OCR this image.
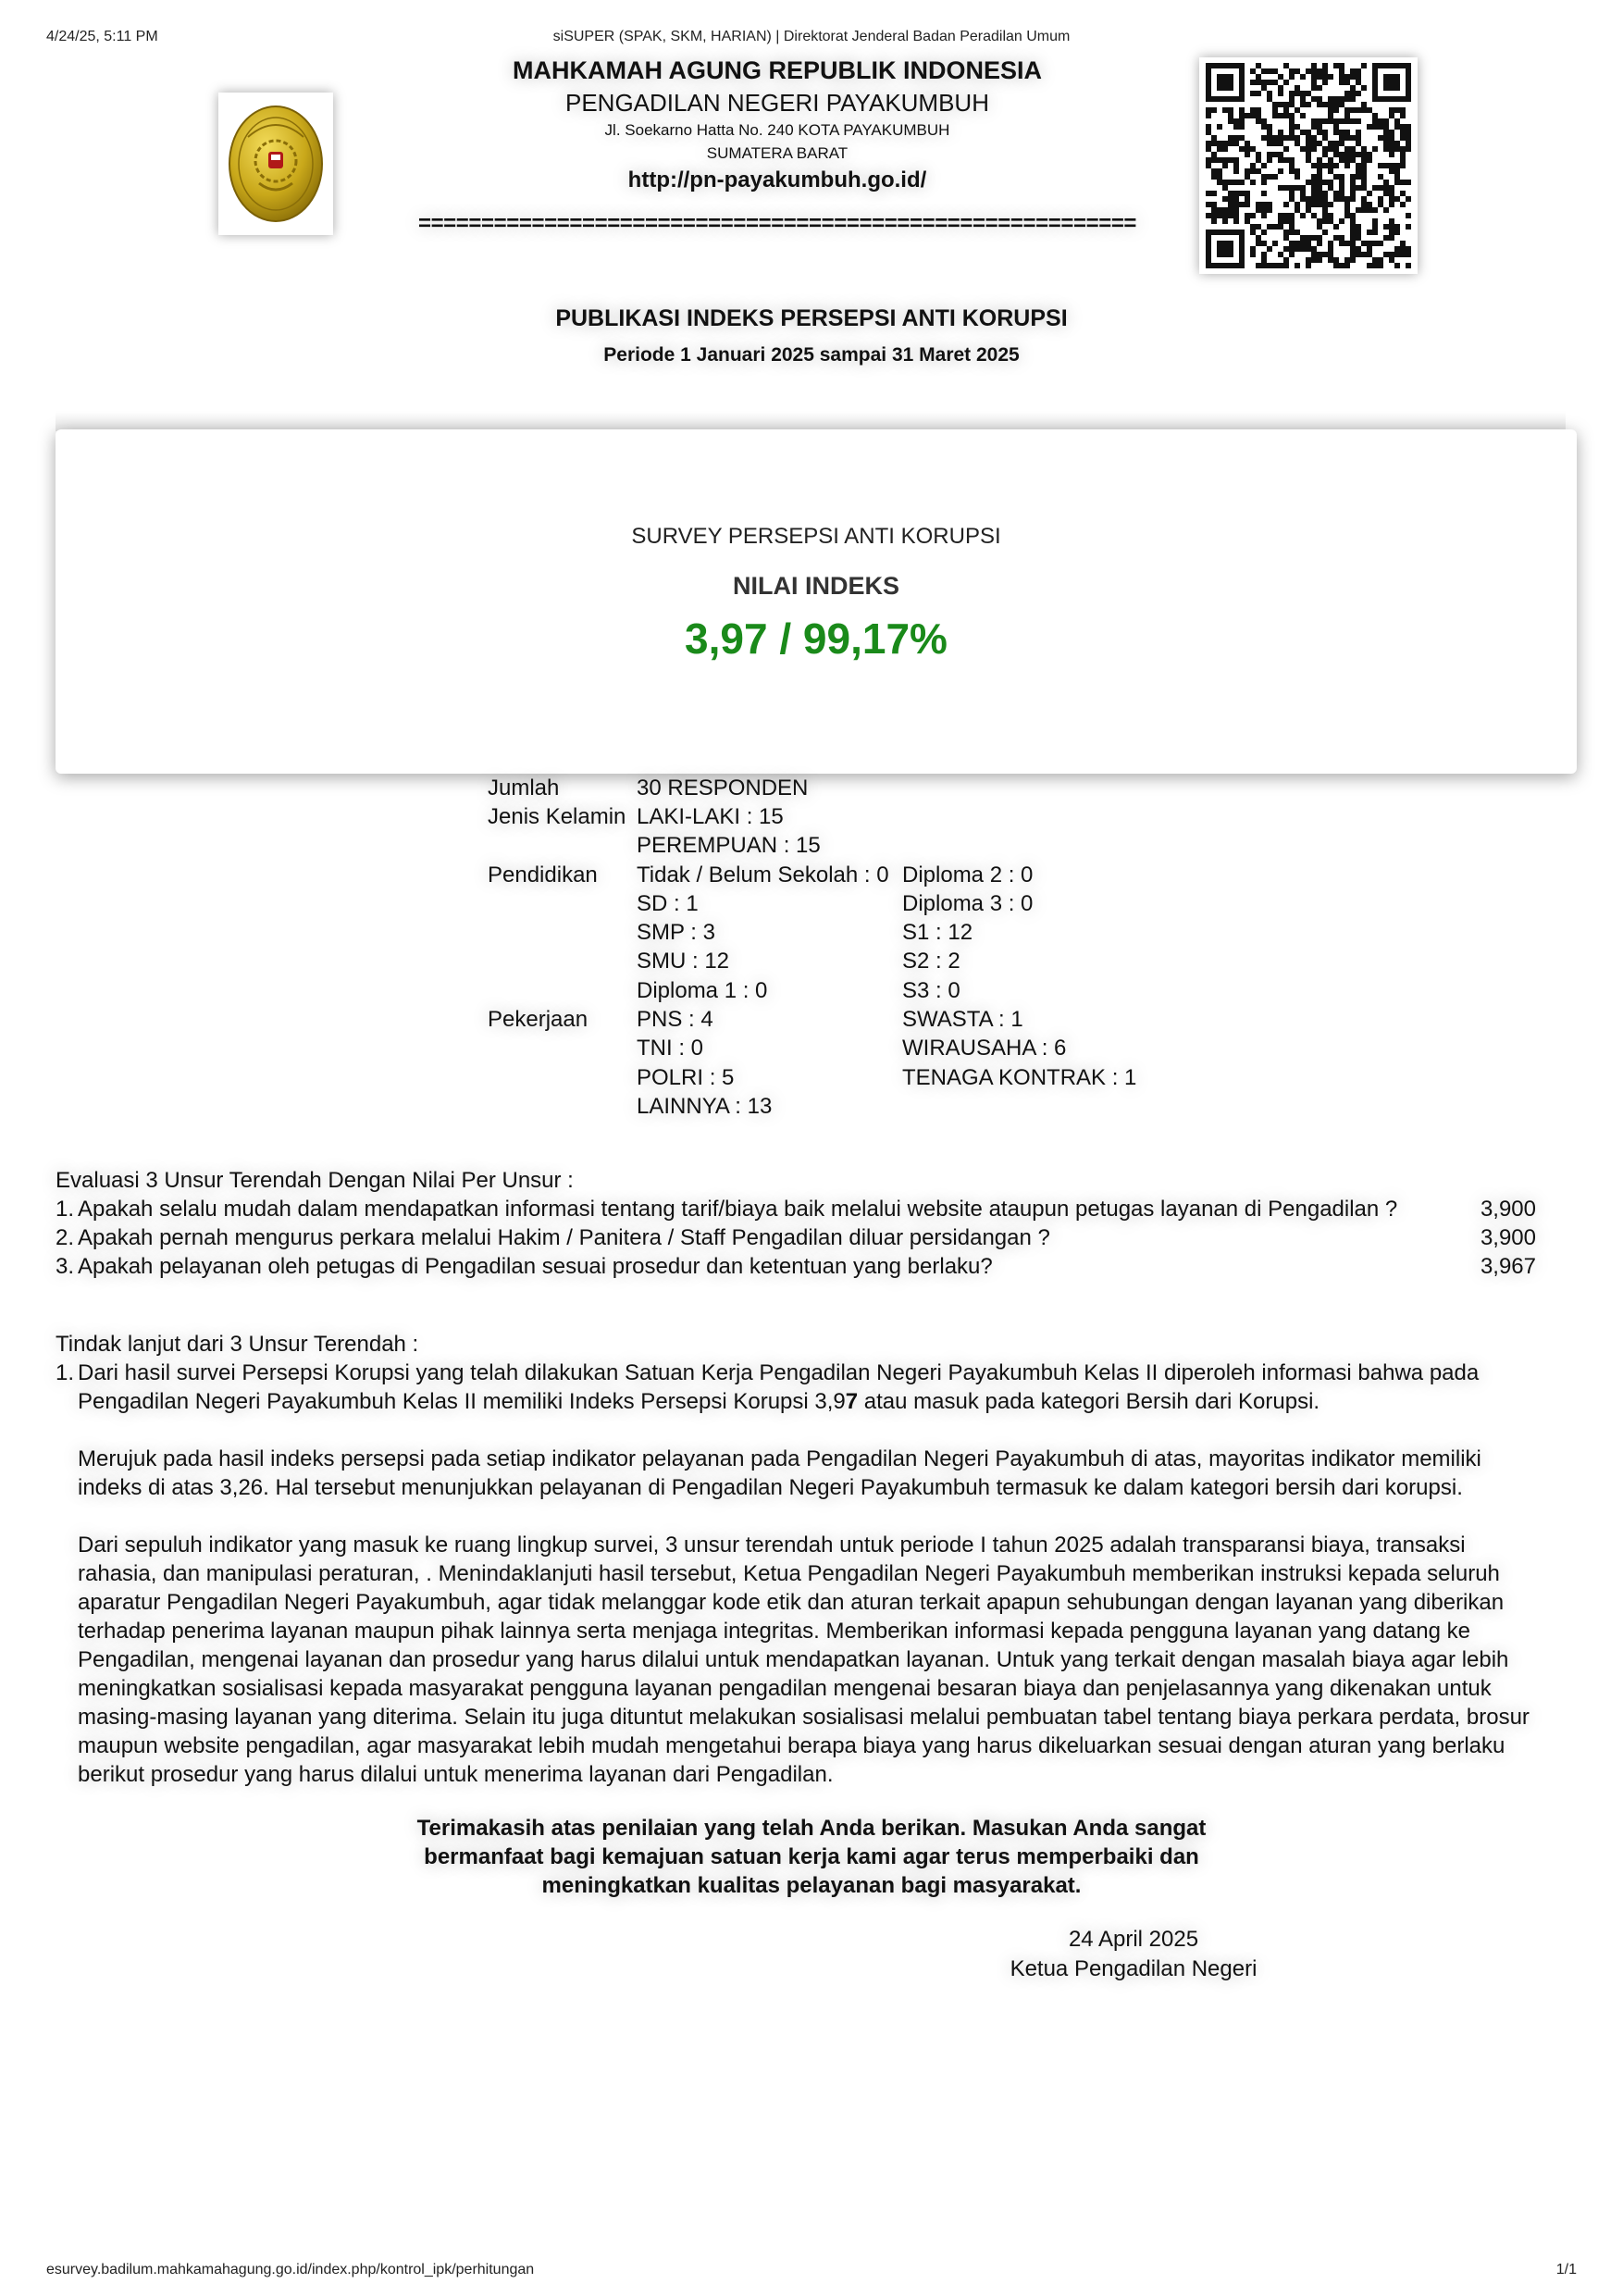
4/24/25, 5:11 PM	siSUPER (SPAK, SKM, HARIAN) | Direktorat Jenderal Badan Peradilan Umum
MAHKAMAH AGUNG REPUBLIK INDONESIA
PENGADILAN NEGERI PAYAKUMBUH
Jl. Soekarno Hatta No. 240 KOTA PAYAKUMBUH
SUMATERA BARAT
http://pn-payakumbuh.go.id/
=========================================================
PUBLIKASI INDEKS PERSEPSI ANTI KORUPSI
Periode 1 Januari 2025 sampai 31 Maret 2025
SURVEY PERSEPSI ANTI KORUPSI
NILAI INDEKS
3,97 / 99,17%
Jumlah	30 RESPONDEN	
Jenis Kelamin	LAKI-LAKI : 15	
	PEREMPUAN : 15	
Pendidikan	Tidak / Belum Sekolah : 0	Diploma 2 : 0
	SD : 1	Diploma 3 : 0
	SMP : 3	S1 : 12
	SMU : 12	S2 : 2
	Diploma 1 : 0	S3 : 0
Pekerjaan	PNS : 4	SWASTA : 1
	TNI : 0	WIRAUSAHA : 6
	POLRI : 5	TENAGA KONTRAK : 1
	LAINNYA : 13	
Evaluasi 3 Unsur Terendah Dengan Nilai Per Unsur :
1. Apakah selalu mudah dalam mendapatkan informasi tentang tarif/biaya baik melalui website ataupun petugas layanan di Pengadilan ?	3,900
2. Apakah pernah mengurus perkara melalui Hakim / Panitera / Staff Pengadilan diluar persidangan ?	3,900
3. Apakah pelayanan oleh petugas di Pengadilan sesuai prosedur dan ketentuan yang berlaku?	3,967
Tindak lanjut dari 3 Unsur Terendah :
1. Dari hasil survei Persepsi Korupsi yang telah dilakukan Satuan Kerja Pengadilan Negeri Payakumbuh Kelas II diperoleh informasi bahwa pada Pengadilan Negeri Payakumbuh Kelas II memiliki Indeks Persepsi Korupsi 3,97 atau masuk pada kategori Bersih dari Korupsi.

Merujuk pada hasil indeks persepsi pada setiap indikator pelayanan pada Pengadilan Negeri Payakumbuh di atas, mayoritas indikator memiliki indeks di atas 3,26. Hal tersebut menunjukkan pelayanan di Pengadilan Negeri Payakumbuh termasuk ke dalam kategori bersih dari korupsi.

Dari sepuluh indikator yang masuk ke ruang lingkup survei, 3 unsur terendah untuk periode I tahun 2025 adalah transparansi biaya, transaksi rahasia, dan manipulasi peraturan, . Menindaklanjuti hasil tersebut, Ketua Pengadilan Negeri Payakumbuh memberikan instruksi kepada seluruh aparatur Pengadilan Negeri Payakumbuh, agar tidak melanggar kode etik dan aturan terkait apapun sehubungan dengan layanan yang diberikan terhadap penerima layanan maupun pihak lainnya serta menjaga integritas. Memberikan informasi kepada pengguna layanan yang datang ke Pengadilan, mengenai layanan dan prosedur yang harus dilalui untuk mendapatkan layanan. Untuk yang terkait dengan masalah biaya agar lebih meningkatkan sosialisasi kepada masyarakat pengguna layanan pengadilan mengenai besaran biaya dan penjelasannya yang dikenakan untuk masing-masing layanan yang diterima. Selain itu juga dituntut melakukan sosialisasi melalui pembuatan tabel tentang biaya perkara perdata, brosur maupun website pengadilan, agar masyarakat lebih mudah mengetahui berapa biaya yang harus dikeluarkan sesuai dengan aturan yang berlaku berikut prosedur yang harus dilalui untuk menerima layanan dari Pengadilan.

Terimakasih atas penilaian yang telah Anda berikan. Masukan Anda sangat
bermanfaat bagi kemajuan satuan kerja kami agar terus memperbaiki dan
meningkatkan kualitas pelayanan bagi masyarakat.
24 April 2025
Ketua Pengadilan Negeri
esurvey.badilum.mahkamahagung.go.id/index.php/kontrol_ipk/perhitungan	1/1
